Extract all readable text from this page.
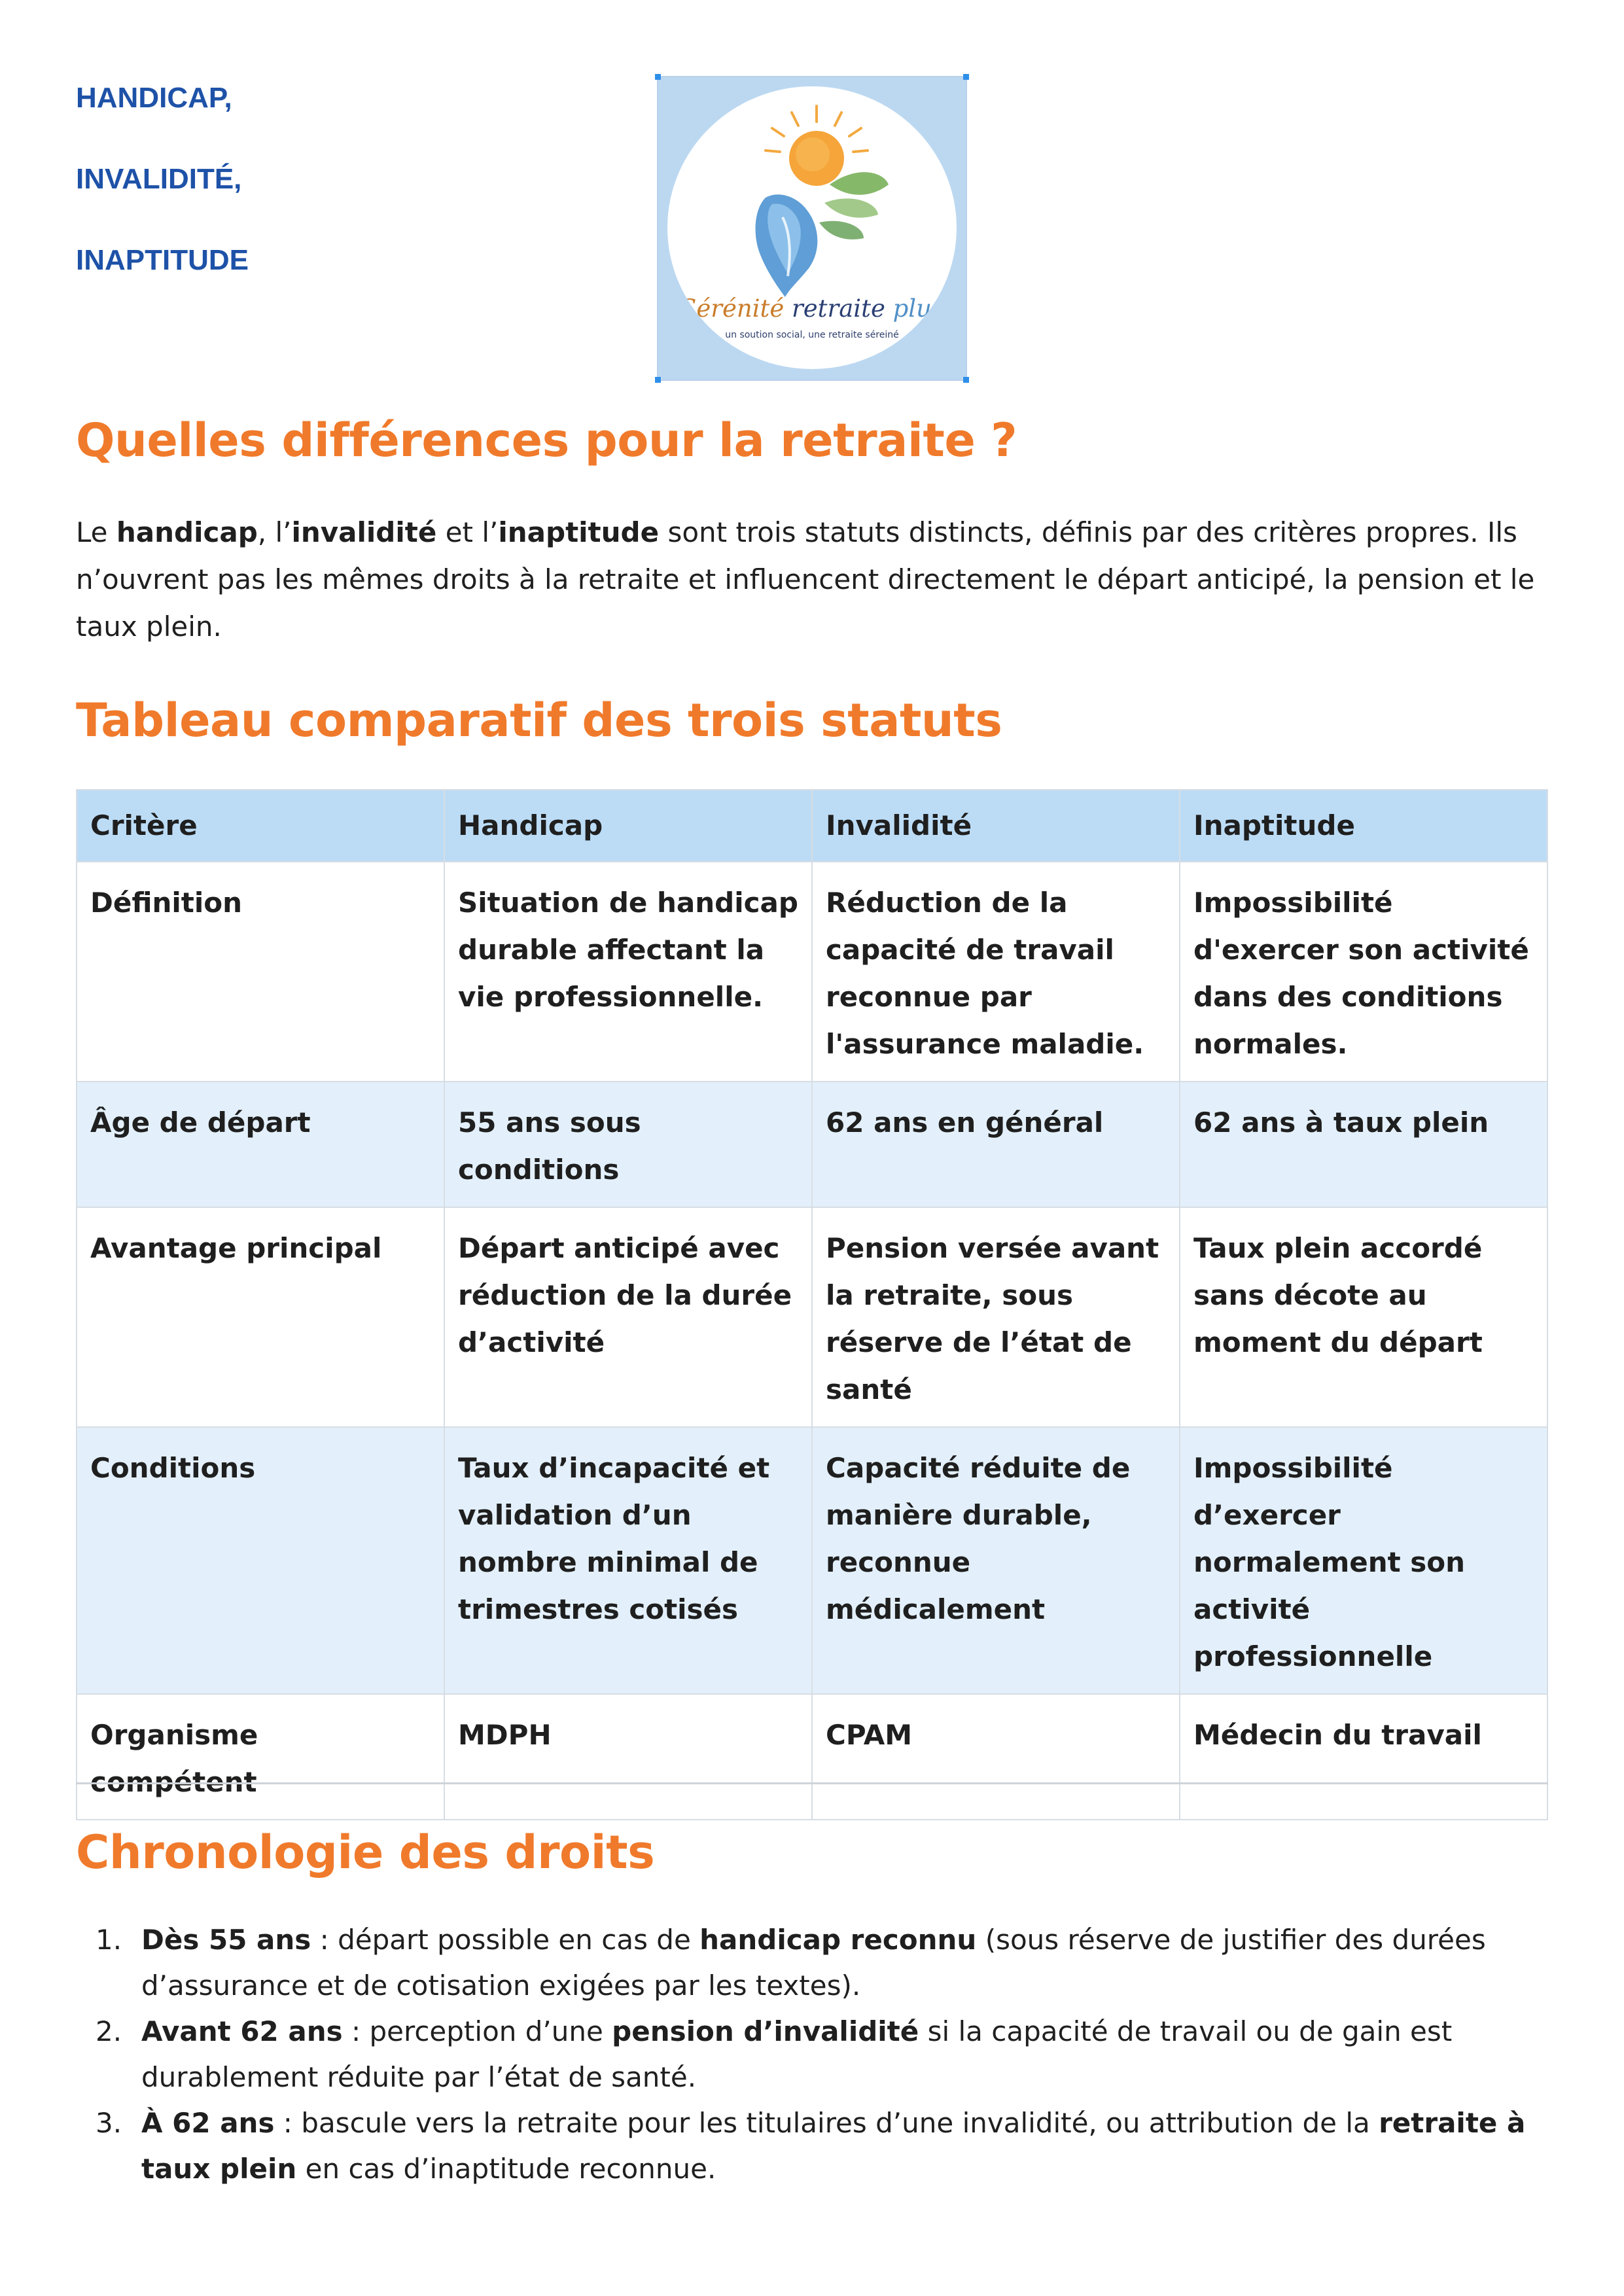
HANDICAP,
INVALIDITÉ,
INAPTITUDE
Sérénité retraite plus
un soution social, une retraite séreiné
Quelles différences pour la retraite ?

Le handicap, l’invalidité et l’inaptitude sont trois statuts distincts, définis par des critères propres. Ils n’ouvrent pas les mêmes droits à la retraite et influencent directement le départ anticipé, la pension et le taux plein.

Tableau comparatif des trois statuts
Critère	Handicap	Invalidité	Inaptitude
Définition	Situation de handicap durable affectant la vie professionnelle.	Réduction de la capacité de travail reconnue par l'assurance maladie.	Impossibilité d'exercer son activité dans des conditions normales.
Âge de départ	55 ans sous conditions	62 ans en général	62 ans à taux plein
Avantage principal	Départ anticipé avec réduction de la durée d’activité	Pension versée avant la retraite, sous réserve de l’état de santé	Taux plein accordé sans décote au moment du départ
Conditions	Taux d’incapacité et validation d’un nombre minimal de trimestres cotisés	Capacité réduite de manière durable, reconnue médicalement	Impossibilité d’exercer normalement son activité professionnelle
Organisme compétent	MDPH	CPAM	Médecin du travail
Chronologie des droits
1. Dès 55 ans : départ possible en cas de handicap reconnu (sous réserve de justifier des durées d’assurance et de cotisation exigées par les textes).
2. Avant 62 ans : perception d’une pension d’invalidité si la capacité de travail ou de gain est durablement réduite par l’état de santé.
3. À 62 ans : bascule vers la retraite pour les titulaires d’une invalidité, ou attribution de la retraite à taux plein en cas d’inaptitude reconnue.
